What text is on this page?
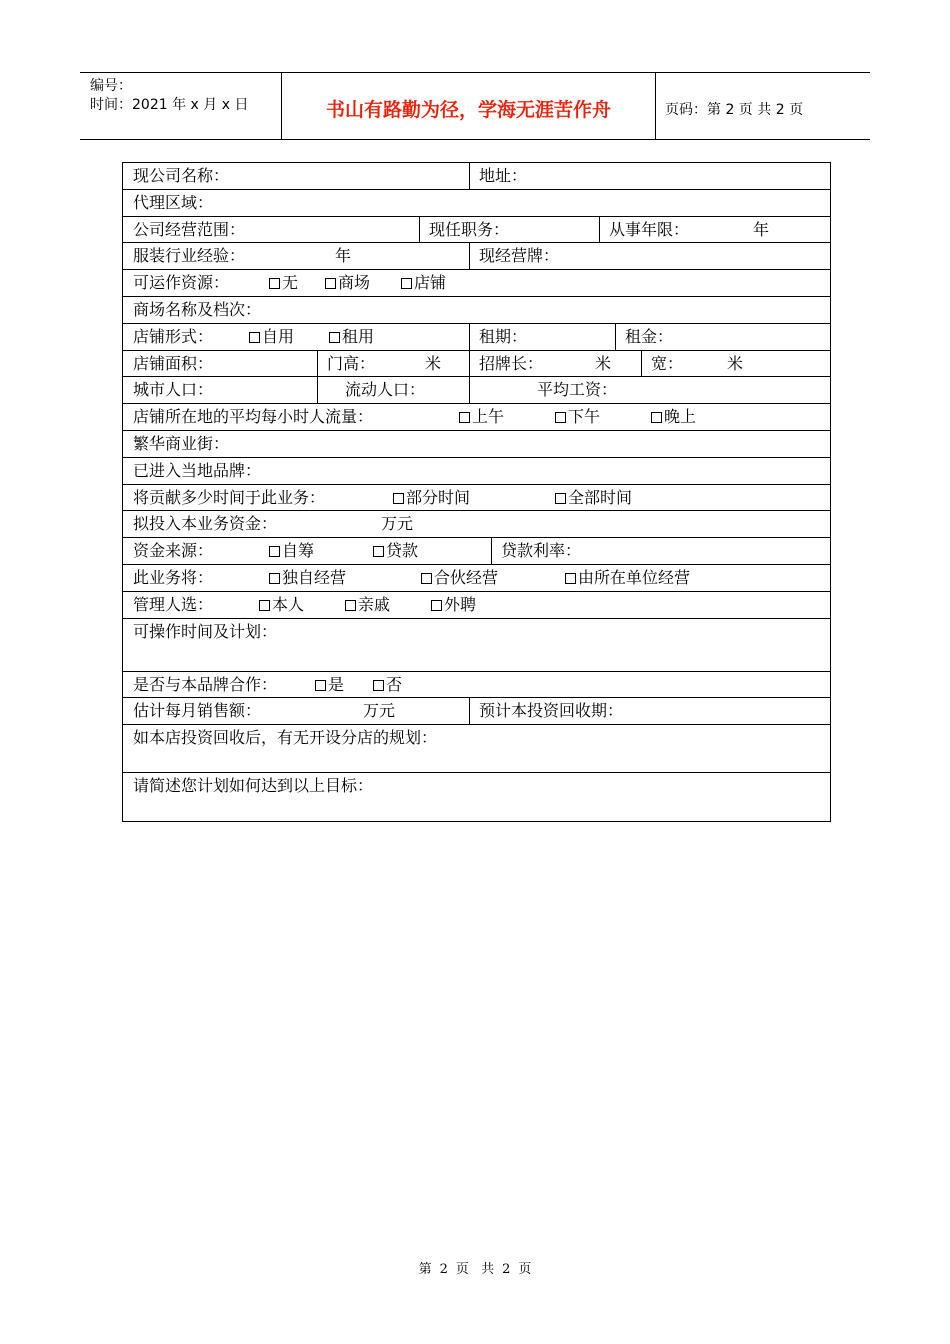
编号：
时间：2021 年 x 月 x 日	书山有路勤为径，学海无涯苦作舟	页码：第 2 页 共 2 页
现公司名称：	地址：
代理区域：
公司经营范围：	现任职务：	从事年限：	年
服装行业经验：	年	现经营牌：
可运作资源：	无	商场	店铺
商场名称及档次：
店铺形式：	自用	租用	租期：	租金：
店铺面积：	门高：	米 招牌长：	米 宽：	米
城市人口：	流动人口：	平均工资：
店铺所在地的平均每小时人流量：	上午	下午	晚上
繁华商业街：
已进入当地品牌：
将贡献多少时间于此业务：	部分时间	全部时间
拟投入本业务资金：	万元
资金来源：	自筹	贷款	贷款利率：
此业务将：	独自经营	合伙经营	由所在单位经营
管理人选：	本人	亲戚	外聘
可操作时间及计划：
是否与本品牌合作：	是	否
估计每月销售额：	万元	预计本投资回收期：
如本店投资回收后，有无开设分店的规划：
请简述您计划如何达到以上目标：
第 2 页 共 2 页
